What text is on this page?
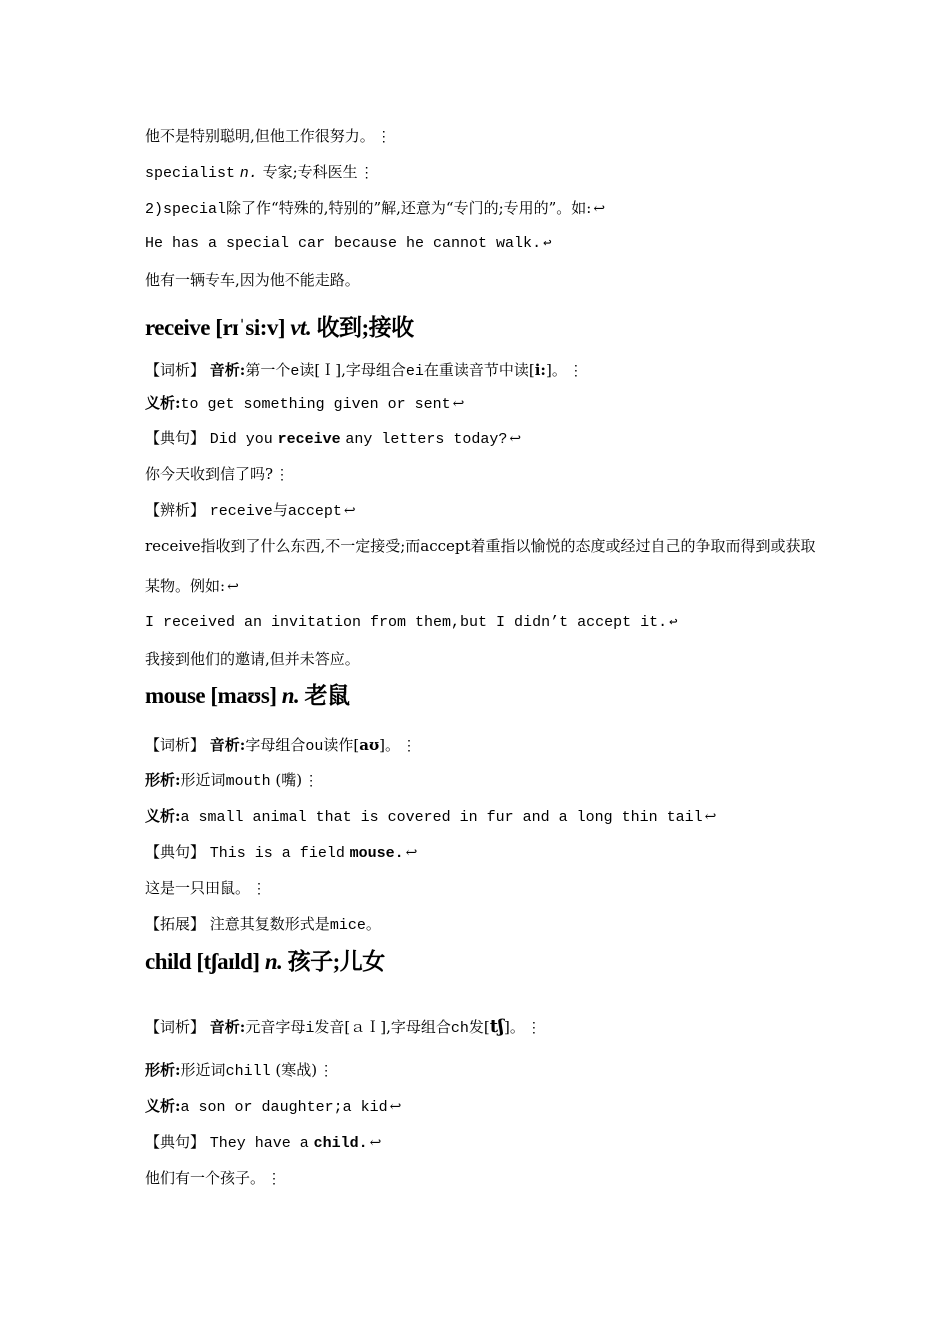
他不是特别聪明,但他工作很努力。 ⋮
specialist n. 专家;专科医生 ⋮
2)special除了作“特殊的,特别的”解,还意为“专门的;专用的”。如: ↩
He has a special car because he cannot walk. ↩
他有一辆专车,因为他不能走路。
receive [rɪˈsi:v] vt. 收到;接收
【词析】 音析:第一个e读[Ｉ],字母组合ei在重读音节中读[i:]。 ⋮
义析:to get something given or sent ↩
【典句】 Did you receive any letters today? ↩
你今天收到信了吗? ⋮
【辨析】 receive与accept ↩
receive指收到了什么东西,不一定接受;而accept着重指以愉悦的态度或经过自己的争取而得到或获取某物。例如: ↩
I received an invitation from them,but I didn’t accept it. ↩
我接到他们的邀请,但并未答应。
mouse [maʊs] n. 老鼠
【词析】 音析:字母组合ou读作[aʊ]。 ⋮
形析:形近词mouth (嘴) ⋮
义析:a small animal that is covered in fur and a long thin tail ↩
【典句】 This is a field mouse. ↩
这是一只田鼠。 ⋮
【拓展】 注意其复数形式是mice。
child [tʃaɪld] n. 孩子;儿女
【词析】 音析:元音字母i发音[ａＩ],字母组合ch发[tʃ]。 ⋮
形析:形近词chill (寒战) ⋮
义析:a son or daughter;a kid ↩
【典句】 They have a child. ↩
他们有一个孩子。 ⋮
